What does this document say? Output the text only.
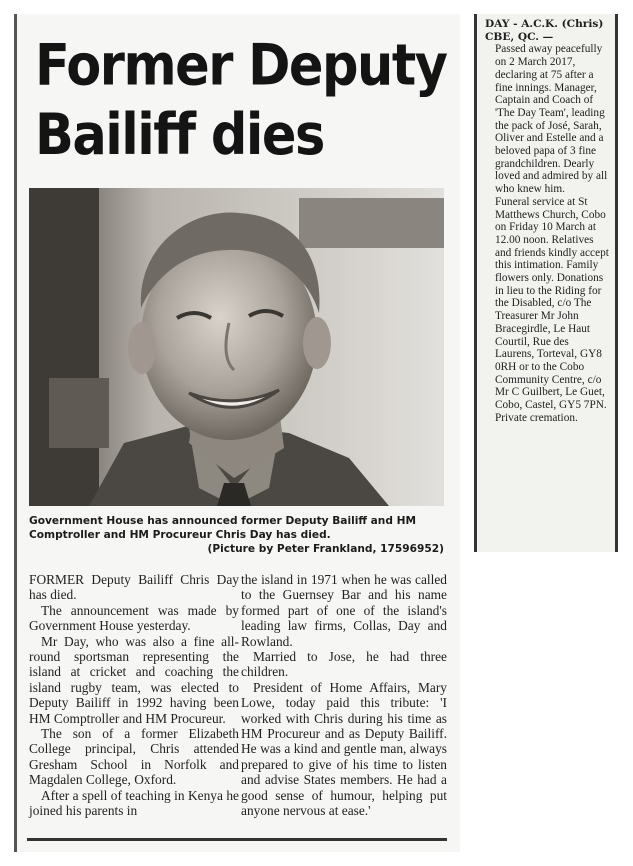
Former Deputy Bailiff dies
Government House has announced former Deputy Bailiff and HM Comptroller and HM Procureur Chris Day has died.
(Picture by Peter Frankland, 17596952)

FORMER Deputy Bailiff Chris Day has died.

The announcement was made by Government House yesterday.

Mr Day, who was also a fine all-round sportsman representing the island at cricket and coaching the island rugby team, was elected to Deputy Bailiff in 1992 having been HM Comptroller and HM Procureur.

The son of a former Elizabeth College principal, Chris attended Gresham School in Norfolk and Magdalen College, Oxford.

After a spell of teaching in Kenya he joined his parents in

the island in 1971 when he was called to the Guernsey Bar and his name formed part of one of the island's leading law firms, Collas, Day and Rowland.

Married to Jose, he had three children.

President of Home Affairs, Mary Lowe, today paid this tribute: 'I worked with Chris during his time as HM Procureur and as Deputy Bailiff. He was a kind and gentle man, always prepared to give of his time to listen and advise States members. He had a good sense of humour, helping put anyone nervous at ease.'

DAY - A.C.K. (Chris) CBE, QC. —

Passed away peacefully on 2 March 2017, declaring at 75 after a fine innings. Manager, Captain and Coach of 'The Day Team', leading the pack of José, Sarah, Oliver and Estelle and a beloved papa of 3 fine grandchildren. Dearly loved and admired by all who knew him.

Funeral service at St Matthews Church, Cobo on Friday 10 March at 12.00 noon. Relatives and friends kindly accept this intimation. Family flowers only. Donations in lieu to the Riding for the Disabled, c/o The Treasurer Mr John Bracegirdle, Le Haut Courtil, Rue des Laurens, Torteval, GY8 0RH or to the Cobo Community Centre, c/o Mr C Guilbert, Le Guet, Cobo, Castel, GY5 7PN. Private cremation.
